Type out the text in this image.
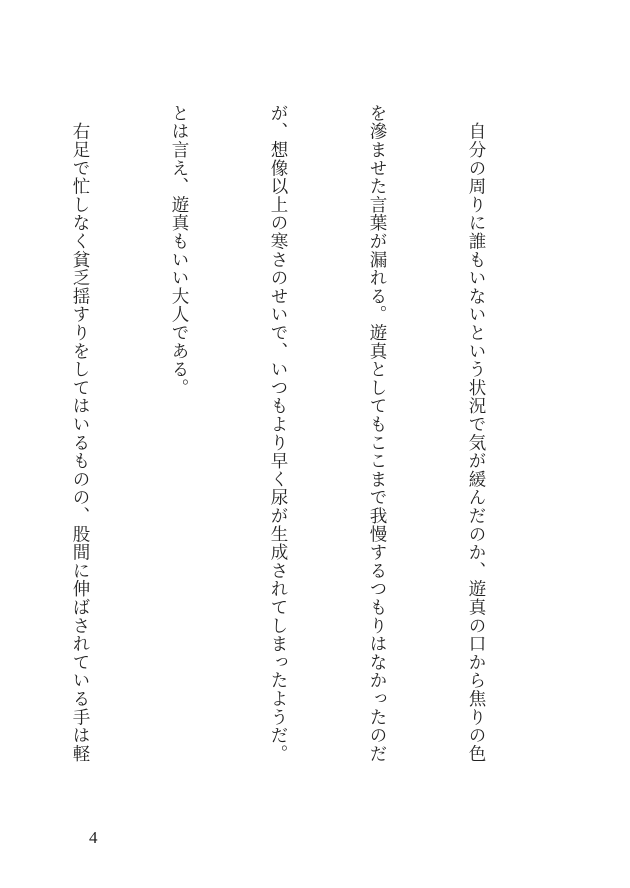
　自分の周りに誰もいないという状況で気が緩んだのか、遊真の口から焦りの色

を滲ませた言葉が漏れる。遊真としてもここまで我慢するつもりはなかったのだ

が、想像以上の寒さのせいで、いつもより早く尿が生成されてしまったようだ。

とは言え、遊真もいい大人である。

　右足で忙しなく貧乏揺すりをしてはいるものの、股間に伸ばされている手は軽

4
